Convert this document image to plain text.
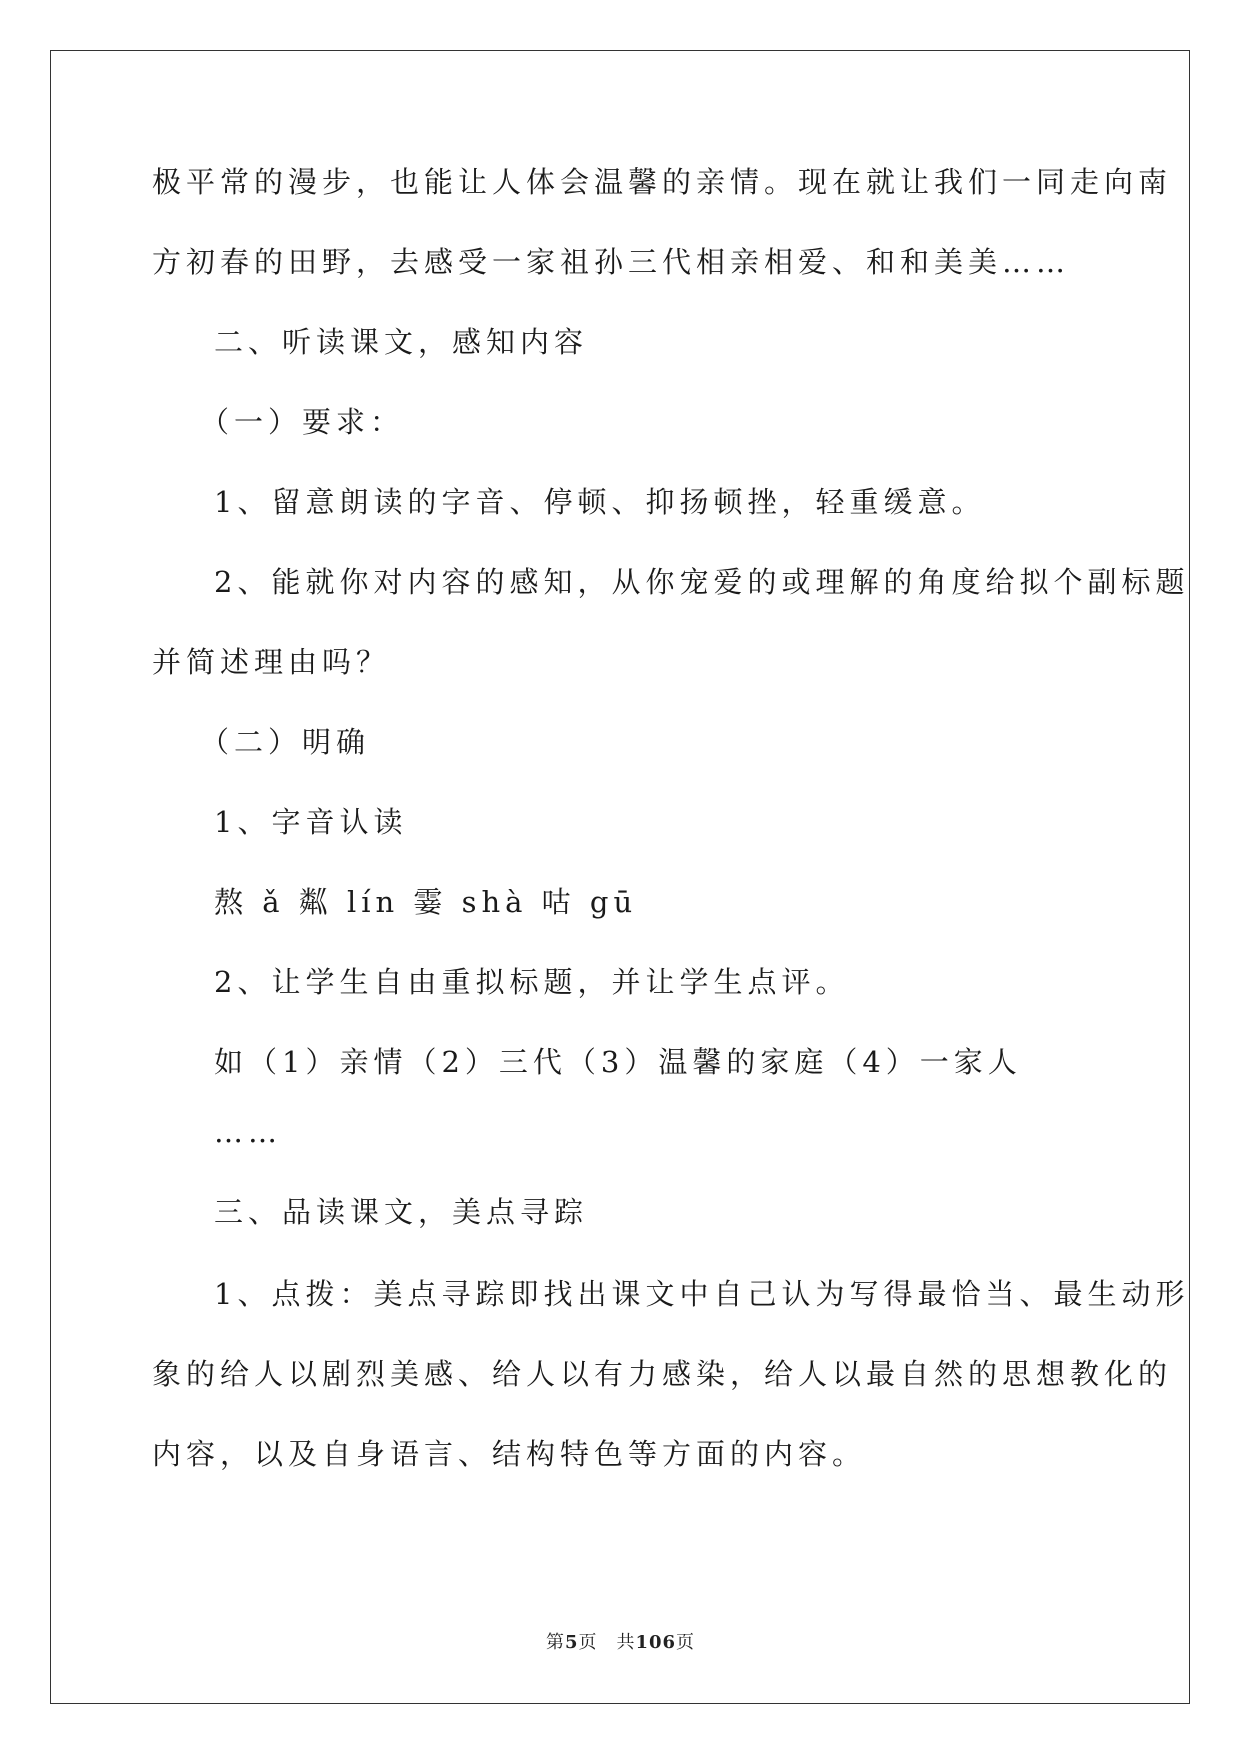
极平常的漫步，也能让人体会温馨的亲情。现在就让我们一同走向南
方初春的田野，去感受一家祖孙三代相亲相爱、和和美美……
二、听读课文，感知内容
（一）要求：
1、留意朗读的字音、停顿、抑扬顿挫，轻重缓意。
2、能就你对内容的感知，从你宠爱的或理解的角度给拟个副标题
并简述理由吗？
（二）明确
1、字音认读
熬 ǎ 粼 lín 霎 shà 咕 gū
2、让学生自由重拟标题，并让学生点评。
如（1）亲情（2）三代（3）温馨的家庭（4）一家人
……
三、品读课文，美点寻踪
1、点拨：美点寻踪即找出课文中自己认为写得最恰当、最生动形
象的给人以剧烈美感、给人以有力感染，给人以最自然的思想教化的
内容，以及自身语言、结构特色等方面的内容。
第5页　共106页
